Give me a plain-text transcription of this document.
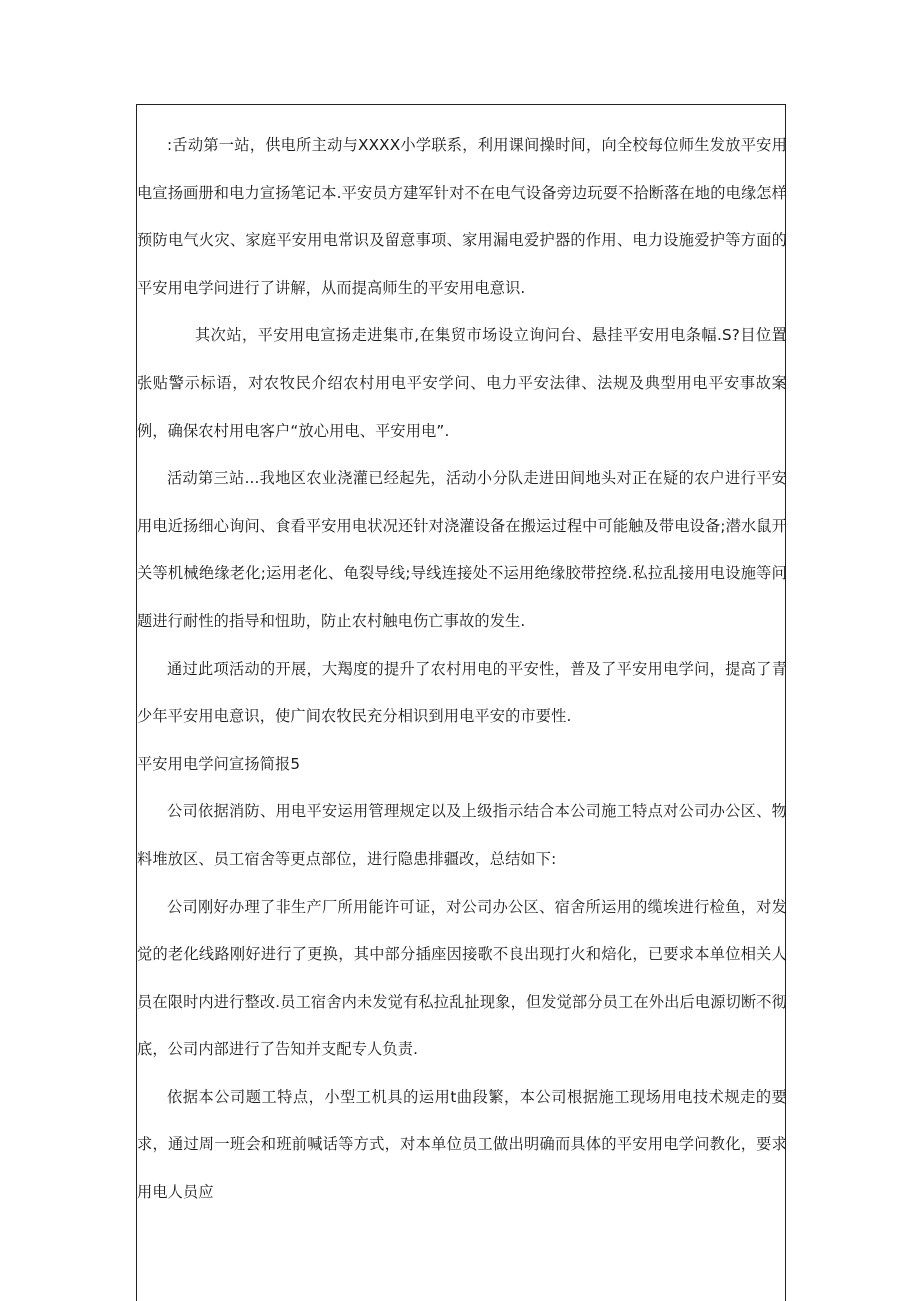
:舌动第一站，供电所主动与XXXX小学联系，利用课间操时间，向全校每位师生发放平安用电宣扬画册和电力宣扬笔记本.平安员方建军针对不在电气设备旁边玩耍不拾断落在地的电缘怎样预防电气火灾、家庭平安用电常识及留意事项、家用漏电爱护器的作用、电力设施爱护等方面的平安用电学问进行了讲解，从而提高师生的平安用电意识.

其次站，平安用电宣扬走进集市,在集贸市场设立询问台、悬挂平安用电条幅.S?目位置张贴警示标语，对农牧民介绍农村用电平安学问、电力平安法律、法规及典型用电平安事故案例，确保农村用电客户“放心用电、平安用电”.

活动第三站...我地区农业浇灌已经起先，活动小分队走进田间地头对正在疑的农户进行平安用电近扬细心询问、食看平安用电状况还针对浇灌设备在搬运过程中可能触及带电设备;潜水鼠开关等机械绝缘老化;运用老化、龟裂导线;导线连接处不运用绝缘胶带控绕.私拉乱接用电设施等问题进行耐性的指导和忸助，防止农村触电伤亡事故的发生.

通过此项活动的开展，大羯度的提升了农村用电的平安性，普及了平安用电学问，提高了青少年平安用电意识，使广间农牧民充分相识到用电平安的市要性.

平安用电学问宣扬简报5

公司依据消防、用电平安运用管理规定以及上级指示结合本公司施工特点对公司办公区、物料堆放区、员工宿舍等更点部位，进行隐患排疆改，总结如下:

公司刚好办理了非生产厂所用能许可证，对公司办公区、宿舍所运用的缆埃进行检鱼，对发觉的老化线路刚好进行了更换，其中部分插座因接歌不良出现打火和焙化，已要求本单位相关人员在限时内进行整改.员工宿舍内未发觉有私拉乱扯现象，但发觉部分员工在外出后电源切断不彻底，公司内部进行了告知并支配专人负责.

依据本公司题工特点，小型工机具的运用t曲段繁，本公司根据施工现场用电技术规走的要求，通过周一班会和班前喊话等方式，对本单位员工做出明确而具体的平安用电学问教化，要求用电人员应
